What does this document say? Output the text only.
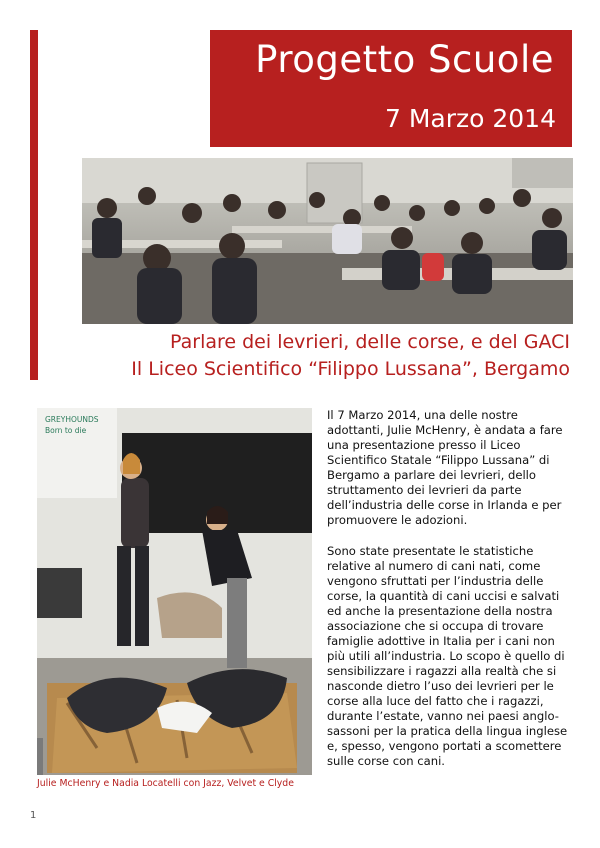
Progetto Scuole
7 Marzo 2014
Parlare dei levrieri, delle corse, e del GACI
Il Liceo Scientifico “Filippo Lussana”, Bergamo
GREYHOUNDS
Born to die
Julie McHenry e Nadia Locatelli con Jazz, Velvet e Clyde

Il 7 Marzo 2014, una delle nostre adottanti, Julie McHenry, è andata a fare una presentazione presso il Liceo Scientifico Statale “Filippo Lussana” di Bergamo a parlare dei levrieri, dello struttamento dei levrieri da parte dell’industria delle corse in Irlanda e per promuovere le adozioni.

Sono state presentate le statistiche relative al numero di cani nati, come vengono sfruttati per l’industria delle corse, la quantità di cani uccisi e salvati ed anche la presentazione della nostra associazione che si occupa di trovare famiglie adottive in Italia per i cani non più utili all’industria. Lo scopo è quello di sensibilizzare i ragazzi alla realtà che si nasconde dietro l’uso dei levrieri per le corse alla luce del fatto che i ragazzi, durante l’estate, vanno nei paesi anglo-sassoni per la pratica della lingua inglese e, spesso, vengono portati a scomettere sulle corse con cani.

1
